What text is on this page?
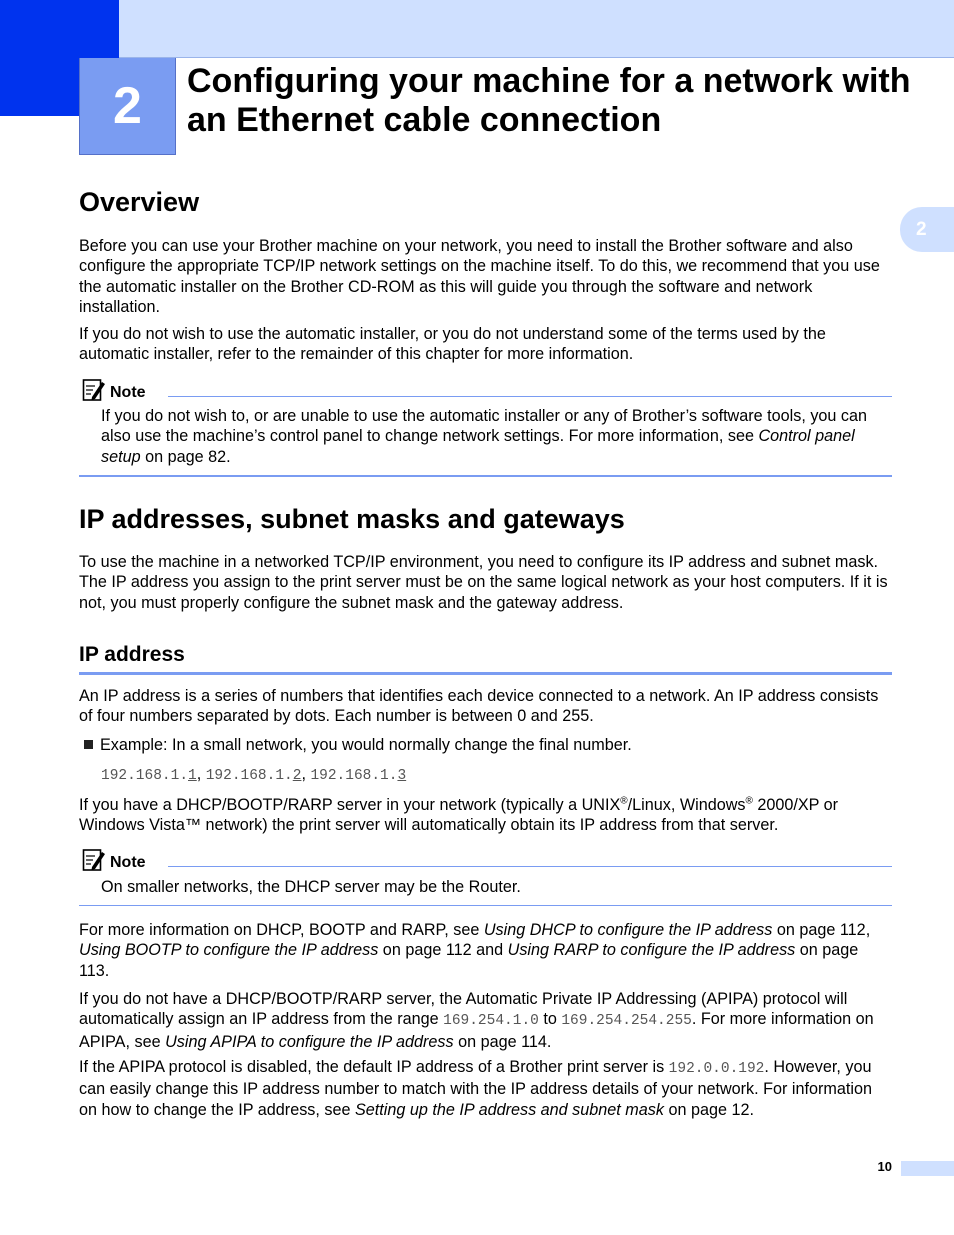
2 Configuring your machine for a network with an Ethernet cable connection
2
Overview

Before you can use your Brother machine on your network, you need to install the Brother software and also configure the appropriate TCP/IP network settings on the machine itself. To do this, we recommend that you use the automatic installer on the Brother CD-ROM as this will guide you through the software and network installation.

If you do not wish to use the automatic installer, or you do not understand some of the terms used by the automatic installer, refer to the remainder of this chapter for more information.

Note

If you do not wish to, or are unable to use the automatic installer or any of Brother’s software tools, you can also use the machine’s control panel to change network settings. For more information, see Control panel setup on page 82.

IP addresses, subnet masks and gateways

To use the machine in a networked TCP/IP environment, you need to configure its IP address and subnet mask. The IP address you assign to the print server must be on the same logical network as your host computers. If it is not, you must properly configure the subnet mask and the gateway address.

IP address

An IP address is a series of numbers that identifies each device connected to a network. An IP address consists of four numbers separated by dots. Each number is between 0 and 255.

Example: In a small network, you would normally change the final number.
192.168.1.1, 192.168.1.2, 192.168.1.3

If you have a DHCP/BOOTP/RARP server in your network (typically a UNIX®/Linux, Windows® 2000/XP or Windows Vista™ network) the print server will automatically obtain its IP address from that server.

Note

On smaller networks, the DHCP server may be the Router.

For more information on DHCP, BOOTP and RARP, see Using DHCP to configure the IP address on page 112, Using BOOTP to configure the IP address on page 112 and Using RARP to configure the IP address on page 113.

If you do not have a DHCP/BOOTP/RARP server, the Automatic Private IP Addressing (APIPA) protocol will automatically assign an IP address from the range 169.254.1.0 to 169.254.254.255. For more information on APIPA, see Using APIPA to configure the IP address on page 114.

If the APIPA protocol is disabled, the default IP address of a Brother print server is 192.0.0.192. However, you can easily change this IP address number to match with the IP address details of your network. For information on how to change the IP address, see Setting up the IP address and subnet mask on page 12.

10
